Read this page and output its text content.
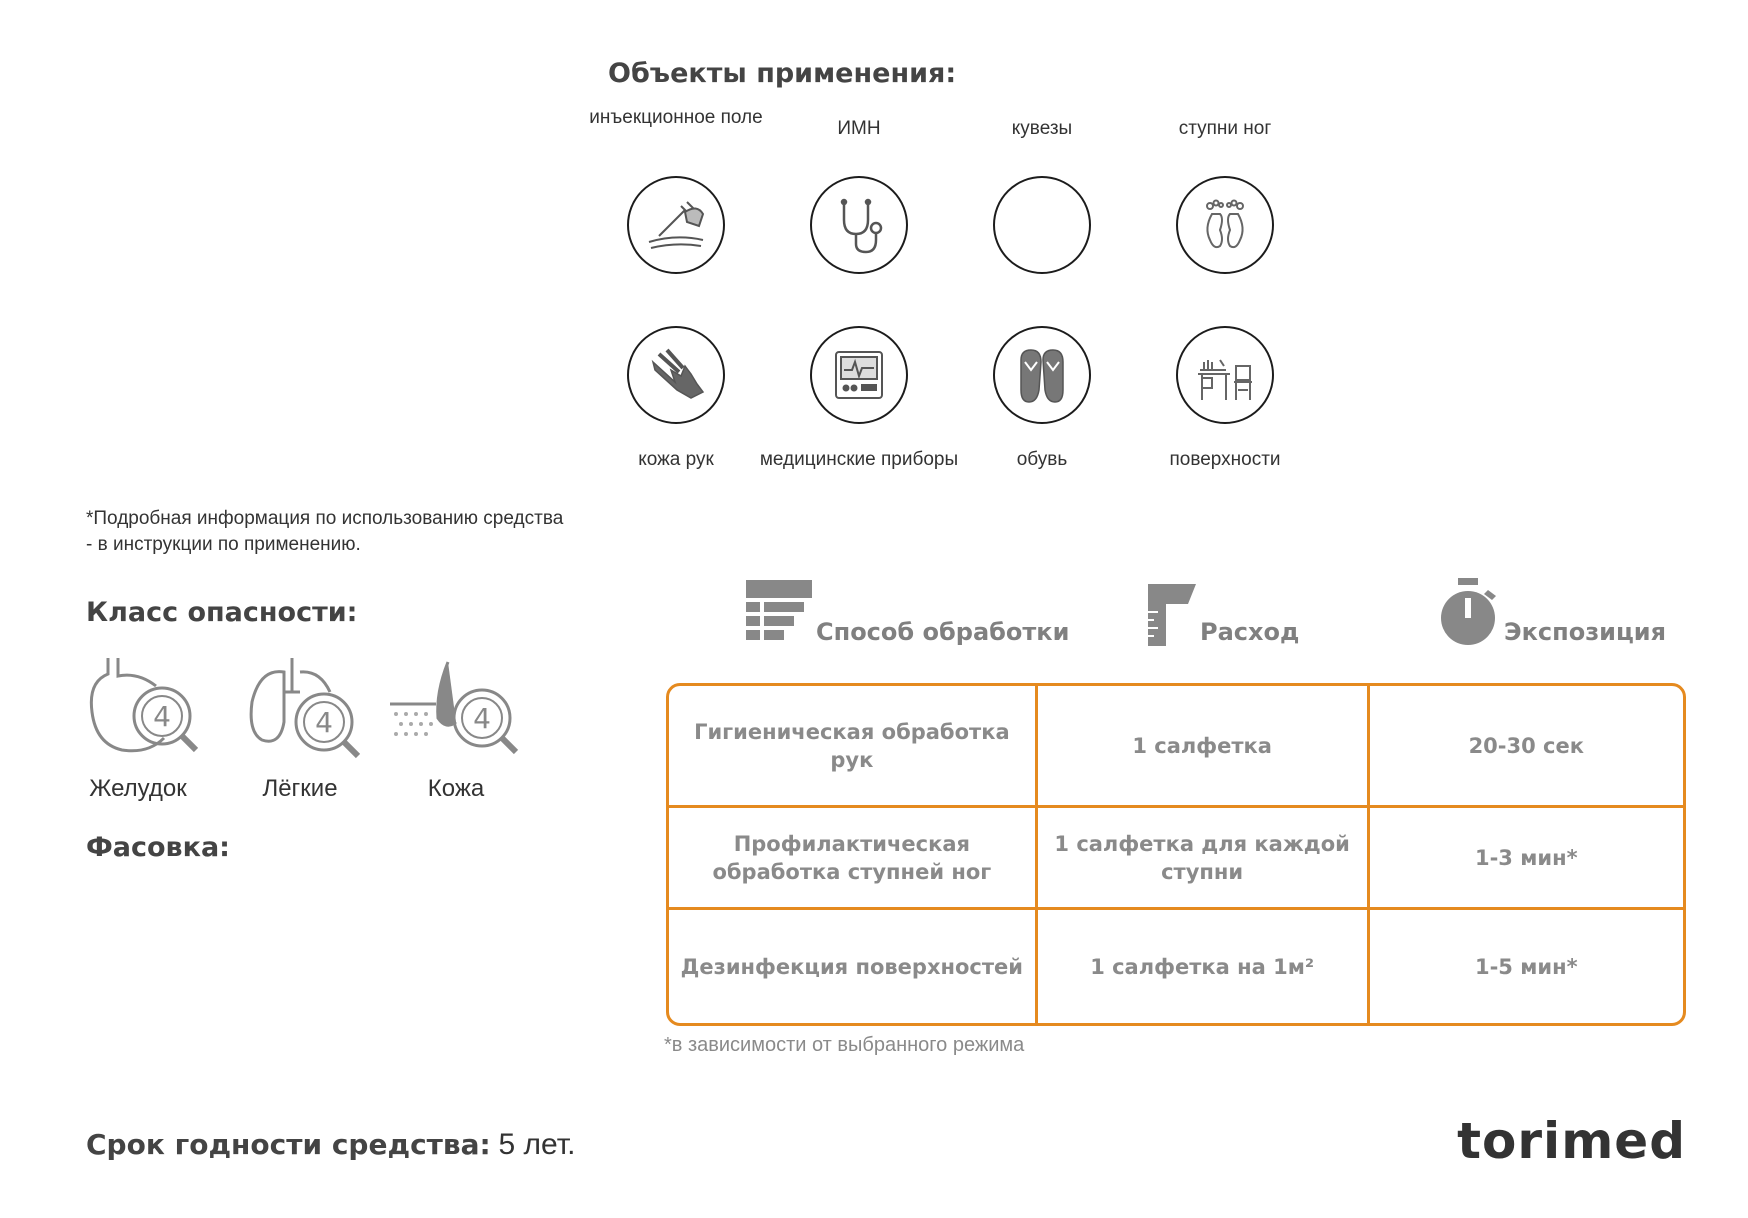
Объекты применения:
инъекционное поле
ИМН	кувезы	ступни ног
кожа рук	медицинские приборы	обувь	поверхности
*Подробная информация по использованию средства - в инструкции по применению.
Класс опасности:
4
Желудок
4
Лёгкие
4
Кожа
Фасовка:
Способ обработки	Расход	Экспозиция
Гигиеническая обработка рук	1 салфетка	20-30 сек
Профилактическая обработка ступней ног	1 салфетка для каждой ступни	1-3 мин*
Дезинфекция поверхностей	1 салфетка на 1м²	1-5 мин*
*в зависимости от выбранного режима
Срок годности средства: 5 лет.	torimed
